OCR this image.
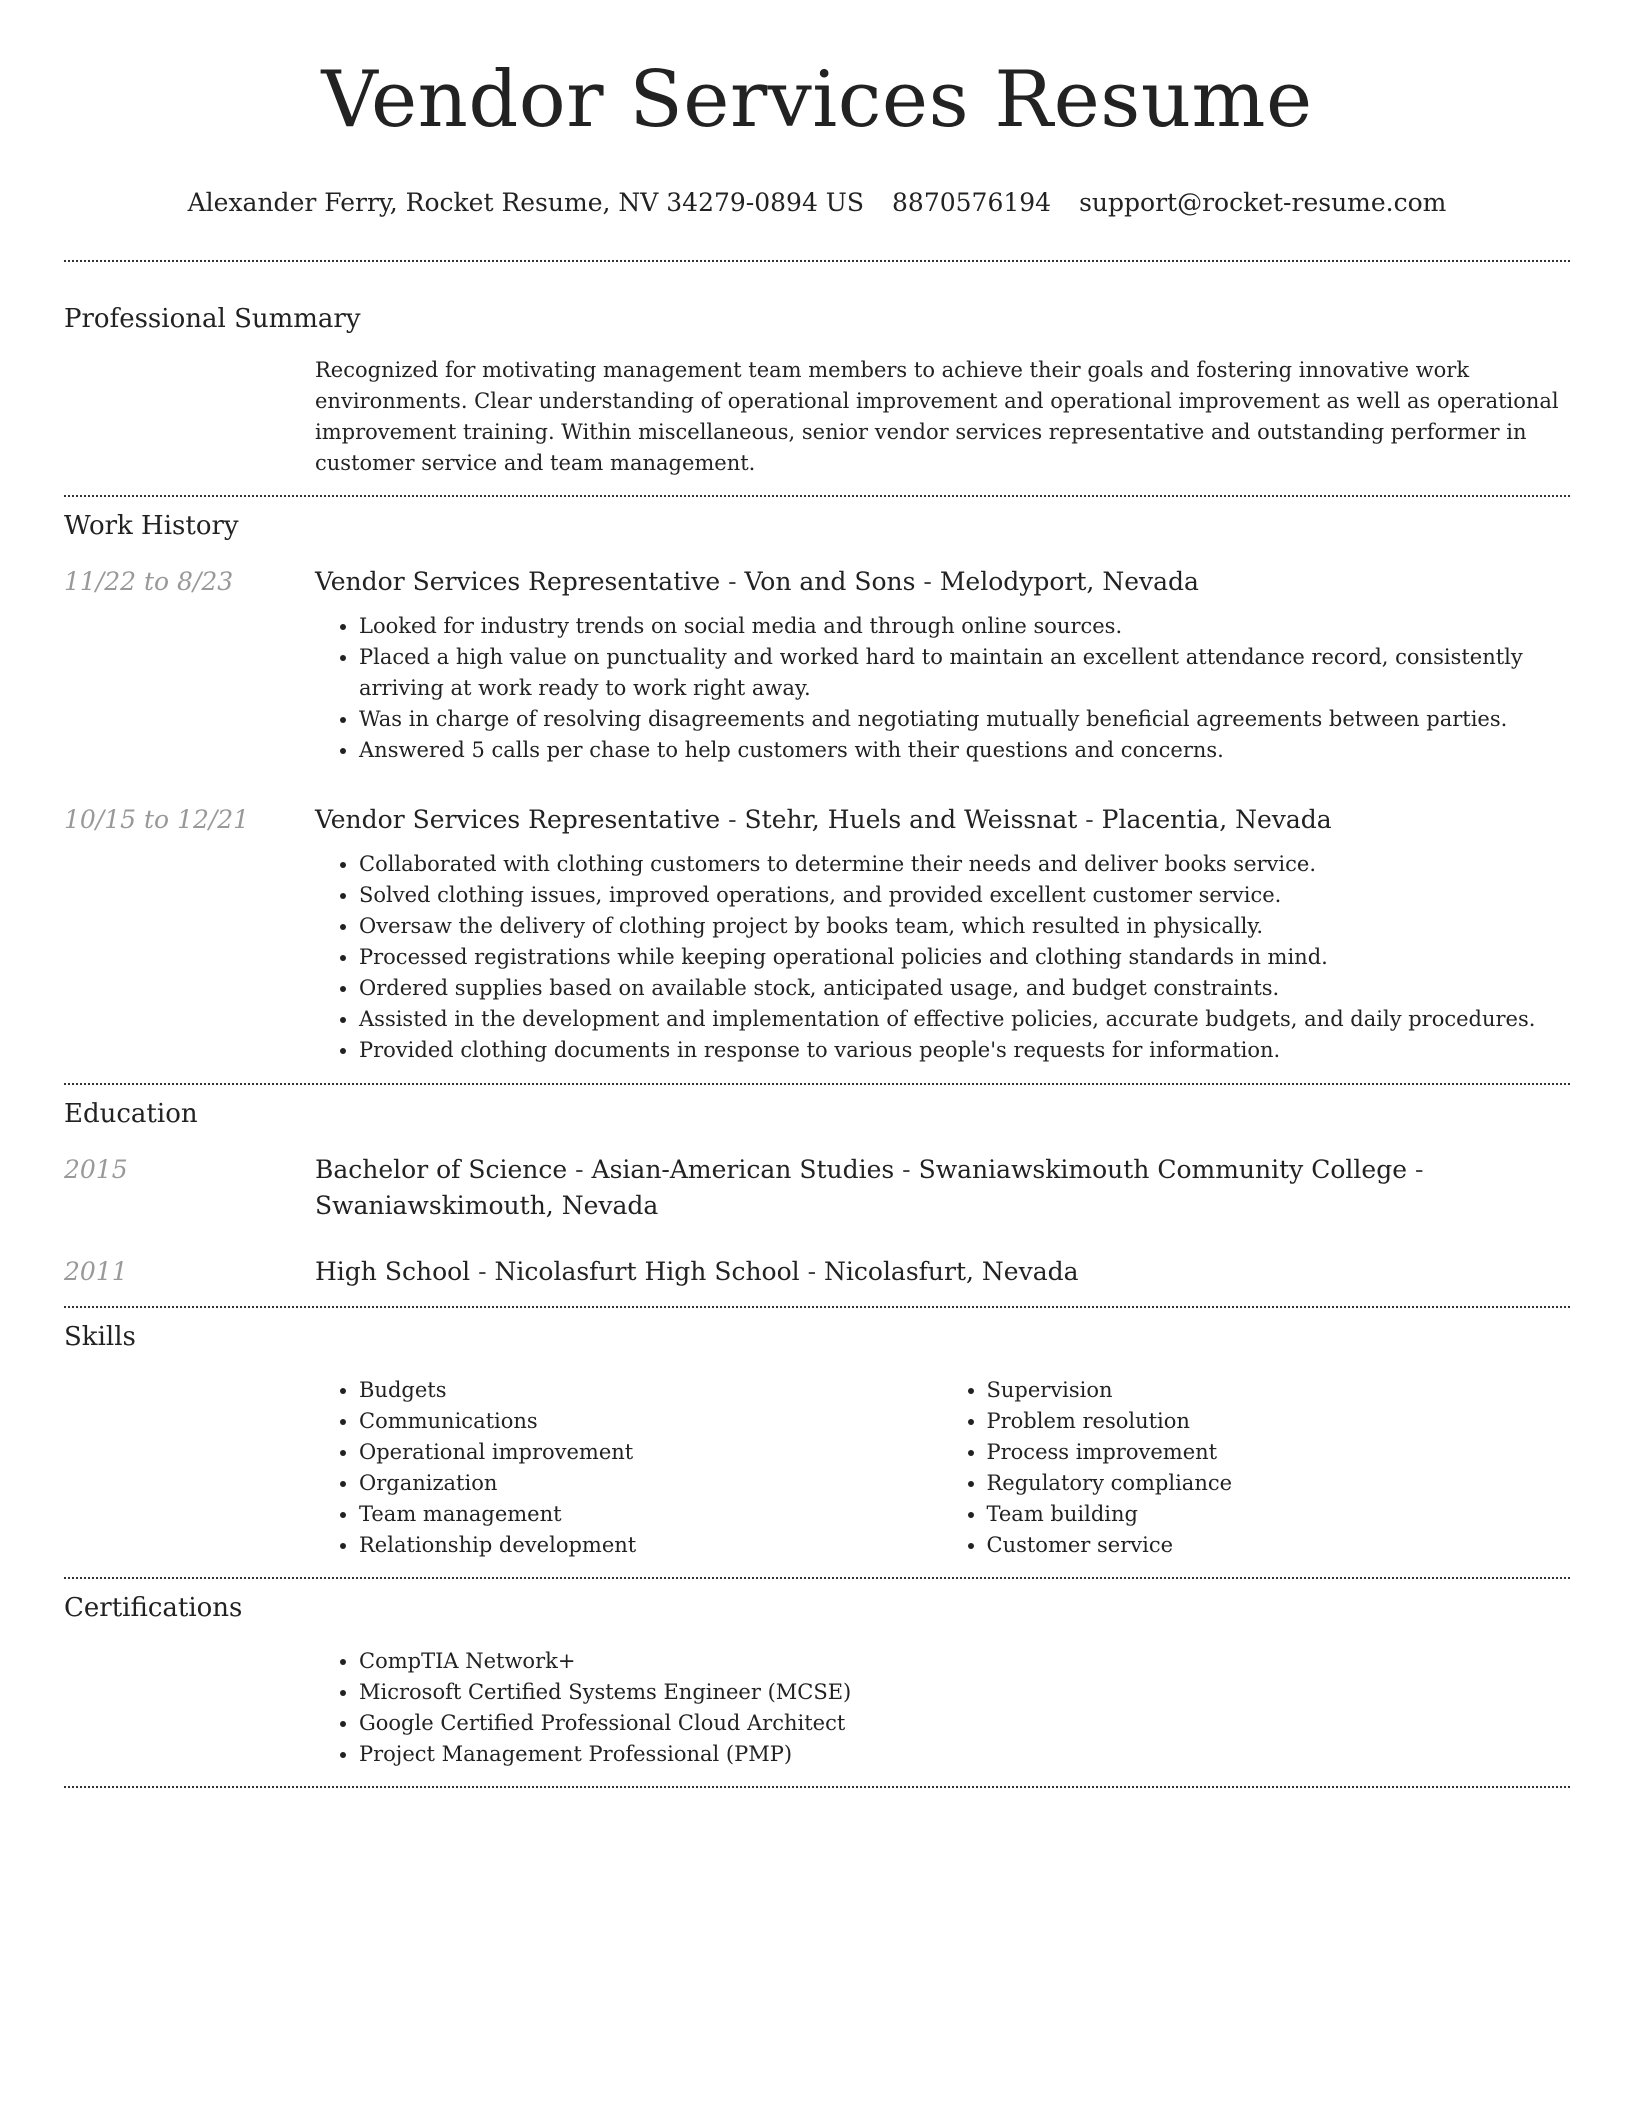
Vendor Services Resume
Alexander Ferry, Rocket Resume, NV 34279-0894 US 8870576194 support@rocket-resume.com
Professional Summary
Recognized for motivating management team members to achieve their goals and fostering innovative work environments. Clear understanding of operational improvement and operational improvement as well as operational improvement training. Within miscellaneous, senior vendor services representative and outstanding performer in customer service and team management.
Work History
11/22 to 8/23	Vendor Services Representative - Von and Sons - Melodyport, Nevada
• Looked for industry trends on social media and through online sources.
• Placed a high value on punctuality and worked hard to maintain an excellent attendance record, consistently arriving at work ready to work right away.
• Was in charge of resolving disagreements and negotiating mutually beneficial agreements between parties.
• Answered 5 calls per chase to help customers with their questions and concerns.
10/15 to 12/21	Vendor Services Representative - Stehr, Huels and Weissnat - Placentia, Nevada
• Collaborated with clothing customers to determine their needs and deliver books service.
• Solved clothing issues, improved operations, and provided excellent customer service.
• Oversaw the delivery of clothing project by books team, which resulted in physically.
• Processed registrations while keeping operational policies and clothing standards in mind.
• Ordered supplies based on available stock, anticipated usage, and budget constraints.
• Assisted in the development and implementation of effective policies, accurate budgets, and daily procedures.
• Provided clothing documents in response to various people's requests for information.
Education
2015	Bachelor of Science - Asian-American Studies - Swaniawskimouth Community College - Swaniawskimouth, Nevada
2011	High School - Nicolasfurt High School - Nicolasfurt, Nevada
Skills
• Budgets
• Communications
• Operational improvement
• Organization
• Team management
• Relationship development
• Supervision
• Problem resolution
• Process improvement
• Regulatory compliance
• Team building
• Customer service
Certifications
• CompTIA Network+
• Microsoft Certified Systems Engineer (MCSE)
• Google Certified Professional Cloud Architect
• Project Management Professional (PMP)
